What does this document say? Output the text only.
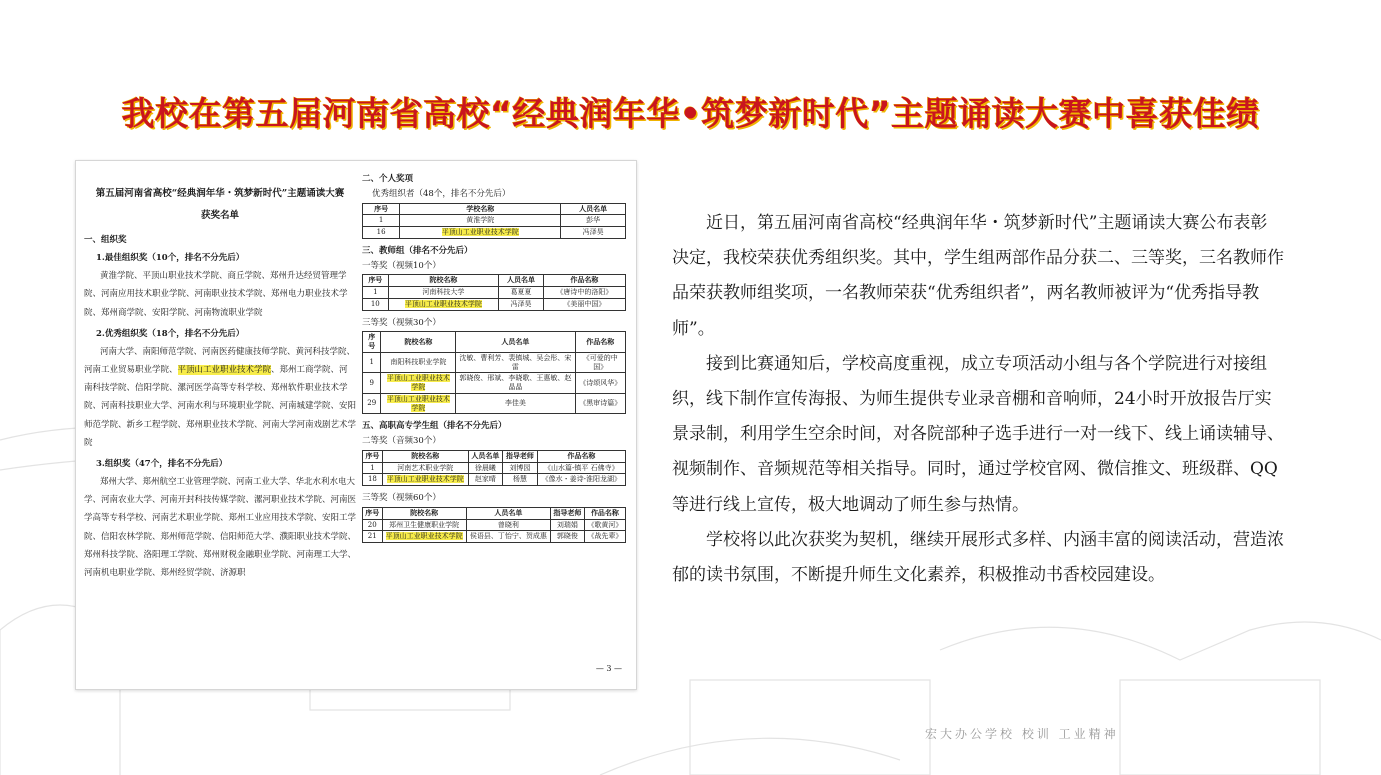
我校在第五届河南省高校“经典润年华•筑梦新时代”主题诵读大赛中喜获佳绩
第五届河南省高校“经典润年华・筑梦新时代”主题诵读大赛
获奖名单
一、组织奖
1.最佳组织奖（10个，排名不分先后）

黄淮学院、平顶山职业技术学院、商丘学院、郑州升达经贸管理学院、河南应用技术职业学院、河南职业技术学院、郑州电力职业技术学院、郑州商学院、安阳学院、河南物流职业学院

2.优秀组织奖（18个，排名不分先后）

河南大学、南阳师范学院、河南医药健康技师学院、黄河科技学院、河南工业贸易职业学院、平顶山工业职业技术学院、郑州工商学院、河南科技学院、信阳学院、漯河医学高等专科学校、郑州软件职业技术学院、河南科技职业大学、河南水利与环境职业学院、河南城建学院、安阳师范学院、新乡工程学院、郑州职业技术学院、河南大学河南戏剧艺术学院

3.组织奖（47个，排名不分先后）

郑州大学、郑州航空工业管理学院、河南工业大学、华北水利水电大学、河南农业大学、河南开封科技传媒学院、漯河职业技术学院、河南医学高等专科学校、河南艺术职业学院、郑州工业应用技术学院、安阳工学院、信阳农林学院、郑州师范学院、信阳师范大学、濮阳职业技术学院、郑州科技学院、洛阳理工学院、郑州财税金融职业学院、河南理工大学、河南机电职业学院、郑州经贸学院、济源职

二、个人奖项
优秀组织者（48个，排名不分先后）
序号	学校名称	人员名单
1	黄淮学院	彭华
16	平顶山工业职业技术学院	冯泽昊
三、教师组（排名不分先后）
一等奖（视频10个）
序号	院校名称	人员名单	作品名称
1	河南科技大学	葛夏夏	《唐诗中的洛阳》
10	平顶山工业职业技术学院	冯泽昊	《美丽中国》
三等奖（视频30个）
序号	院校名称	人员名单	作品名称
1	南阳科技职业学院	沈敏、曹利芳、裴镇城、吴会彤、宋雷	《可爱的中国》
9	平顶山工业职业技术学院	郭晓俊、邢斌、李晓歌、王惠敏、赵晶晶	《诗颂风华》
29	平顶山工业职业技术学院	李佳美	《黑审诗篇》
五、高职高专学生组（排名不分先后）
二等奖（音频30个）
序号	院校名称	人员名单	指导老师	作品名称
1	河南艺术职业学院	徐晨曦	刘博园	《山水篇-镇平 石佛寺》
18	平顶山工业职业技术学院	赵家晴	杨慧	《像水・姜诗-淮阳龙湖》
三等奖（视频60个）
序号	院校名称	人员名单	指导老师	作品名称
20	郑州卫生健康职业学院	曾晓利	刘瑞娟	《歌黄河》
21	平顶山工业职业技术学院	侯语县、丁怡宁、贺成惠	郭晓俊	《战先辈》
— 3 —

近日，第五届河南省高校“经典润年华・筑梦新时代”主题诵读大赛公布表彰决定，我校荣获优秀组织奖。其中，学生组两部作品分获二、三等奖，三名教师作品荣获教师组奖项，一名教师荣获“优秀组织者”，两名教师被评为“优秀指导教师”。

接到比赛通知后，学校高度重视，成立专项活动小组与各个学院进行对接组织，线下制作宣传海报、为师生提供专业录音棚和音响师，24小时开放报告厅实景录制，利用学生空余时间，对各院部种子选手进行一对一线下、线上诵读辅导、视频制作、音频规范等相关指导。同时，通过学校官网、微信推文、班级群、QQ等进行线上宣传，极大地调动了师生参与热情。

学校将以此次获奖为契机，继续开展形式多样、内涵丰富的阅读活动，营造浓郁的读书氛围，不断提升师生文化素养，积极推动书香校园建设。

宏大办公学校 校训 工业精神
